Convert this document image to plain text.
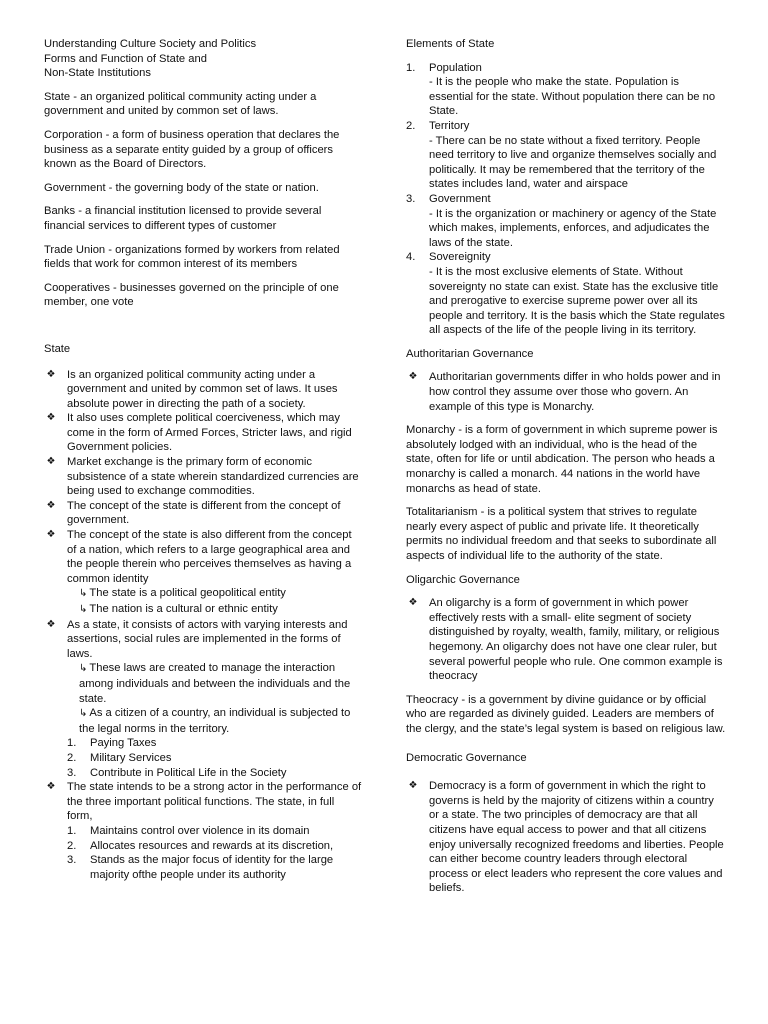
Understanding Culture Society and Politics

Forms and Function of State and

Non-State Institutions

State - an organized political community acting under a government and united by common set of laws.

Corporation - a form of business operation that declares the business as a separate entity guided by a group of officers known as the Board of Directors.

Government - the governing body of the state or nation.

Banks - a financial institution licensed to provide several financial services to different types of customer

Trade Union - organizations formed by workers from related fields that work for common interest of its members

Cooperatives - businesses governed on the principle of one member, one vote

State

❖ Is an organized political community acting under a government and united by common set of laws. It uses absolute power in directing the path of a society.
❖ It also uses complete political coerciveness, which may come in the form of Armed Forces, Stricter laws, and rigid Government policies.
❖ Market exchange is the primary form of economic subsistence of a state wherein standardized currencies are being used to exchange commodities.
❖ The concept of the state is different from the concept of government.
❖ The concept of the state is also different from the concept of a nation, which refers to a large geographical area and the people therein who perceives themselves as having a common identity
↳ The state is a political geopolitical entity
↳ The nation is a cultural or ethnic entity
❖ As a state, it consists of actors with varying interests and assertions, social rules are implemented in the forms of laws.
↳ These laws are created to manage the interaction among individuals and between the individuals and the state.
↳ As a citizen of a country, an individual is subjected to the legal norms in the territory.
1. Paying Taxes
2. Military Services
3. Contribute in Political Life in the Society
❖ The state intends to be a strong actor in the performance of the three important political functions. The state, in full form,
1. Maintains control over violence in its domain
2. Allocates resources and rewards at its discretion,
3. Stands as the major focus of identity for the large majority ofthe people under its authority

Elements of State

1. Population
- It is the people who make the state. Population is essential for the state. Without population there can be no State.
2. Territory
- There can be no state without a fixed territory. People need territory to live and organize themselves socially and politically. It may be remembered that the territory of the states includes land, water and airspace
3. Government
- It is the organization or machinery or agency of the State which makes, implements, enforces, and adjudicates the laws of the state.
4. Sovereignity
- It is the most exclusive elements of State. Without sovereignty no state can exist. State has the exclusive title and prerogative to exercise supreme power over all its people and territory. It is the basis which the State regulates all aspects of the life of the people living in its territory.

Authoritarian Governance

❖ Authoritarian governments differ in who holds power and in how control they assume over those who govern. An example of this type is Monarchy.

Monarchy - is a form of government in which supreme power is absolutely lodged with an individual, who is the head of the state, often for life or until abdication. The person who heads a monarchy is called a monarch. 44 nations in the world have monarchs as head of state.

Totalitarianism - is a political system that strives to regulate nearly every aspect of public and private life. It theoretically permits no individual freedom and that seeks to subordinate all aspects of individual life to the authority of the state.

Oligarchic Governance

❖ An oligarchy is a form of government in which power effectively rests with a small- elite segment of society distinguished by royalty, wealth, family, military, or religious hegemony. An oligarchy does not have one clear ruler, but several powerful people who rule. One common example is theocracy

Theocracy - is a government by divine guidance or by official who are regarded as divinely guided. Leaders are members of the clergy, and the state’s legal system is based on religious law.

Democratic Governance

❖ Democracy is a form of government in which the right to governs is held by the majority of citizens within a country or a state. The two principles of democracy are that all citizens have equal access to power and that all citizens enjoy universally recognized freedoms and liberties. People can either become country leaders through electoral process or elect leaders who represent the core values and beliefs.
